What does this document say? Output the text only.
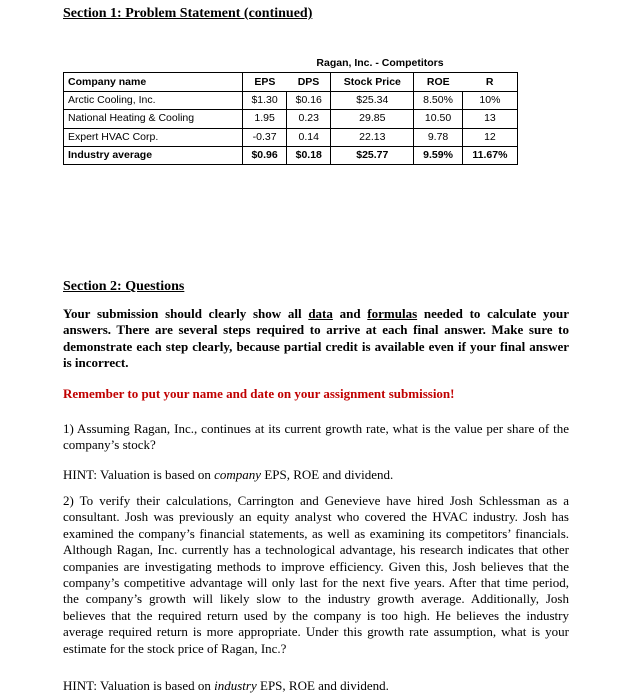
Section 1: Problem Statement (continued)
	Ragan, Inc. - Competitors				
Company name	EPS	DPS	Stock Price	ROE	R
Arctic Cooling, Inc.	$1.30	$0.16	$25.34	8.50%	10%
National Heating & Cooling	1.95	0.23	29.85	10.50	13
Expert HVAC Corp.	-0.37	0.14	22.13	9.78	12
Industry average	$0.96	$0.18	$25.77	9.59%	11.67%
Section 2: Questions
Your submission should clearly show all data and formulas needed to calculate your answers. There are several steps required to arrive at each final answer. Make sure to demonstrate each step clearly, because partial credit is available even if your final answer is incorrect.
Remember to put your name and date on your assignment submission!
1) Assuming Ragan, Inc., continues at its current growth rate, what is the value per share of the company’s stock?
HINT: Valuation is based on company EPS, ROE and dividend.
2) To verify their calculations, Carrington and Genevieve have hired Josh Schlessman as a consultant. Josh was previously an equity analyst who covered the HVAC industry. Josh has examined the company’s financial statements, as well as examining its competitors’ financials. Although Ragan, Inc. currently has a technological advantage, his research indicates that other companies are investigating methods to improve efficiency. Given this, Josh believes that the company’s competitive advantage will only last for the next five years. After that time period, the company’s growth will likely slow to the industry growth average. Additionally, Josh believes that the required return used by the company is too high. He believes the industry average required return is more appropriate. Under this growth rate assumption, what is your estimate for the stock price of Ragan, Inc.?
HINT: Valuation is based on industry EPS, ROE and dividend.
